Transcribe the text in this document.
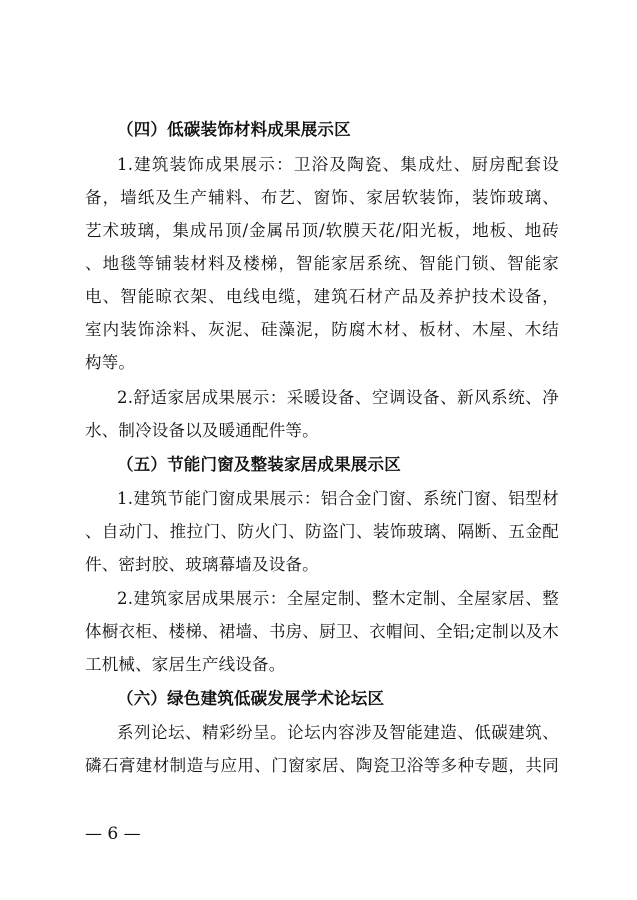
（四）低碳装饰材料成果展示区
1.建筑装饰成果展示：卫浴及陶瓷、集成灶、厨房配套设
备，墙纸及生产辅料、布艺、窗饰、家居软装饰，装饰玻璃、
艺术玻璃，集成吊顶/金属吊顶/软膜天花/阳光板，地板、地砖
、地毯等铺装材料及楼梯，智能家居系统、智能门锁、智能家
电、智能晾衣架、电线电缆，建筑石材产品及养护技术设备，
室内装饰涂料、灰泥、硅藻泥，防腐木材、板材、木屋、木结
构等。
2.舒适家居成果展示：采暖设备、空调设备、新风系统、净
水、制冷设备以及暖通配件等。
（五）节能门窗及整装家居成果展示区
1.建筑节能门窗成果展示：铝合金门窗、系统门窗、铝型材
、自动门、推拉门、防火门、防盗门、装饰玻璃、隔断、五金配
件、密封胶、玻璃幕墙及设备。
2.建筑家居成果展示：全屋定制、整木定制、全屋家居、整
体橱衣柜、楼梯、裙墙、书房、厨卫、衣帽间、全铝;定制以及木
工机械、家居生产线设备。
（六）绿色建筑低碳发展学术论坛区
系列论坛、精彩纷呈。论坛内容涉及智能建造、低碳建筑、
磷石膏建材制造与应用、门窗家居、陶瓷卫浴等多种专题，共同
— 6 —
